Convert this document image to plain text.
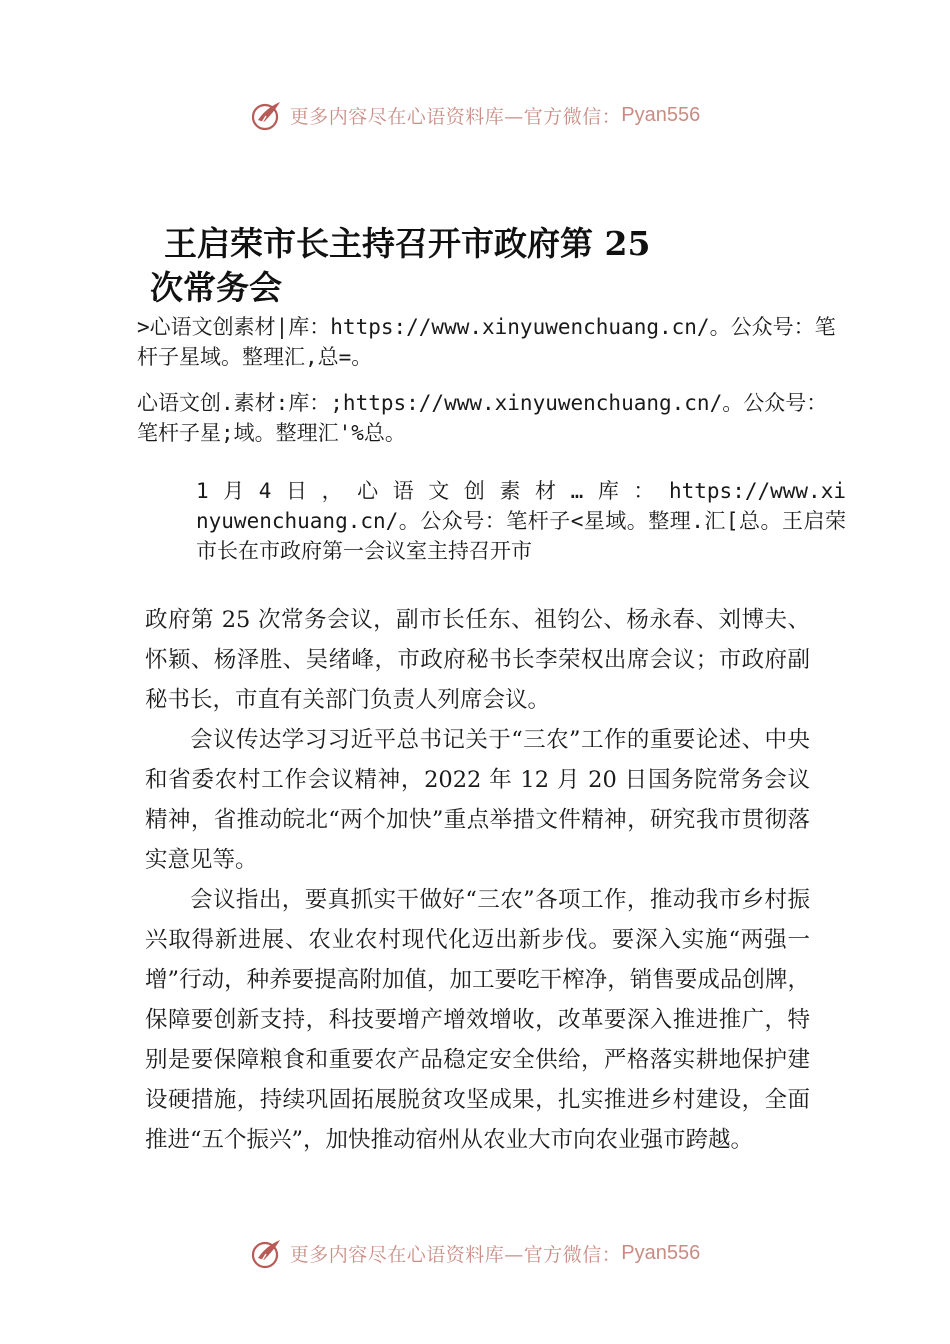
更多内容尽在心语资料库—官方微信： Pyan556
王启荣市长主持召开市政府第 25
次常务会

>心语文创素材|库：https://www.xinyuwenchuang.cn/。公众号：笔杆子星域。整理汇,总=。

心语文创.素材:库：;https://www.xinyuwenchuang.cn/。公众号：笔杆子星;域。整理汇'%总。

1月4日，心语文创素材…库：https://www.xinyuwenchuang.cn/。公众号：笔杆子<星域。整理.汇[总。王启荣市长在市政府第一会议室主持召开市

政府第 25 次常务会议，副市长任东、祖钧公、杨永春、刘博夫、怀颖、杨泽胜、吴绪峰，市政府秘书长李荣权出席会议；市政府副秘书长，市直有关部门负责人列席会议。

会议传达学习习近平总书记关于“三农”工作的重要论述、中央和省委农村工作会议精神，2022 年 12 月 20 日国务院常务会议精神，省推动皖北“两个加快”重点举措文件精神，研究我市贯彻落实意见等。

会议指出，要真抓实干做好“三农”各项工作，推动我市乡村振兴取得新进展、农业农村现代化迈出新步伐。要深入实施“两强一增”行动，种养要提高附加值，加工要吃干榨净，销售要成品创牌，保障要创新支持，科技要增产增效增收，改革要深入推进推广，特别是要保障粮食和重要农产品稳定安全供给，严格落实耕地保护建设硬措施，持续巩固拓展脱贫攻坚成果，扎实推进乡村建设，全面推进“五个振兴”，加快推动宿州从农业大市向农业强市跨越。

更多内容尽在心语资料库—官方微信： Pyan556
